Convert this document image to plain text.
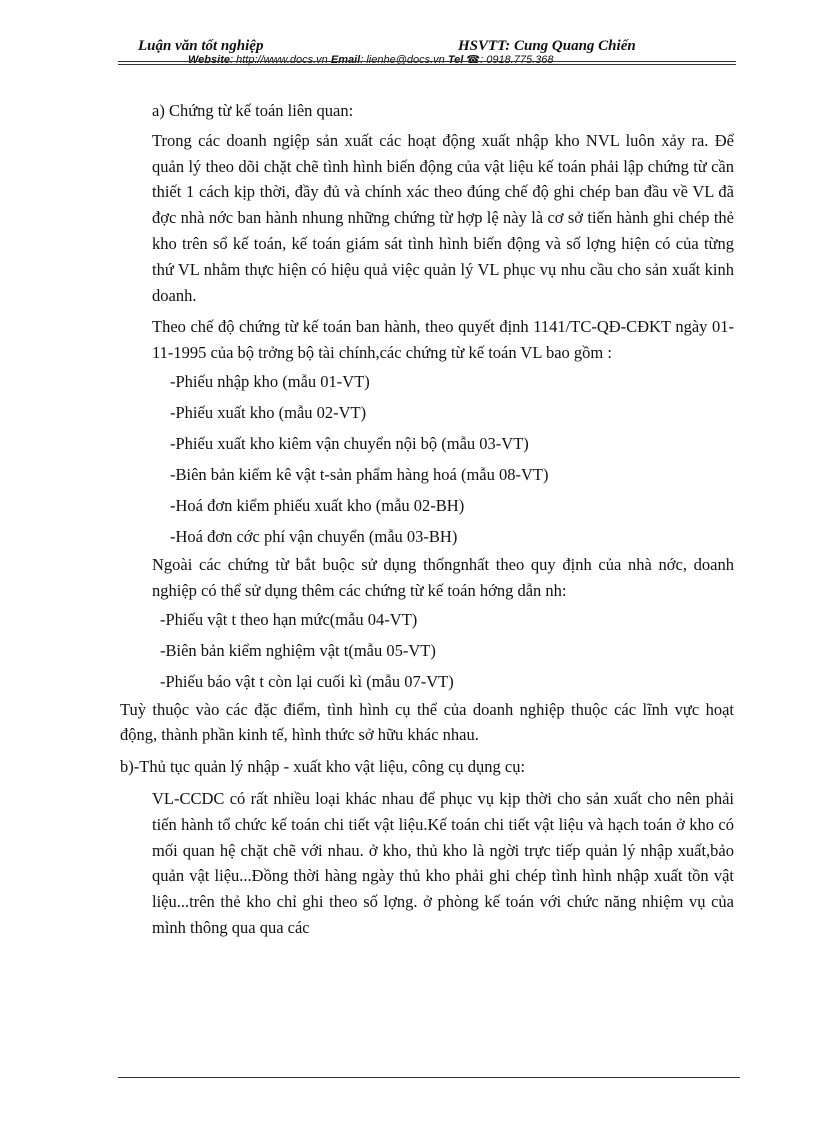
Luận văn tốt nghiệp	HSVTT: Cung Quang Chiến
Website: http://www.docs.vn Email: lienhe@docs.vn Tel ☎: 0918.775.368

a) Chứng từ kế toán liên quan:

Trong các doanh ngiệp sản xuất các hoạt động xuất nhập kho NVL luôn xảy ra. Để quản lý theo dõi chặt chẽ tình hình biến động của vật liệu kế toán phải lập chứng từ cần thiết 1 cách kịp thời, đầy đủ và chính xác theo đúng chế độ ghi chép ban đầu về VL đã đợc nhà nớc ban hành nhung những chứng từ hợp lệ này là cơ sở tiến hành ghi chép thẻ kho trên sổ kế toán, kế toán giám sát tình hình biến động và số lợng hiện có của từng thứ VL nhằm thực hiện có hiệu quả việc quản lý VL phục vụ nhu cầu cho sản xuất kinh doanh.

Theo chế độ chứng từ kế toán ban hành, theo quyết định 1141/TC-QĐ-CĐKT ngày 01-11-1995 của bộ trởng bộ tài chính,các chứng từ kế toán VL bao gồm :

-Phiếu nhập kho (mẫu 01-VT)
-Phiếu xuất kho (mẫu 02-VT)
-Phiếu xuất kho kiêm vận chuyển nội bộ (mẫu 03-VT)
-Biên bản kiểm kê vật t-sản phẩm hàng hoá (mẫu 08-VT)
-Hoá đơn kiểm phiếu xuất kho (mẫu 02-BH)
-Hoá đơn cớc phí vận chuyển (mẫu 03-BH)

Ngoài các chứng từ bắt buộc sử dụng thốngnhất theo quy định của nhà nớc, doanh nghiệp có thể sử dụng thêm các chứng từ kế toán hớng dẫn nh:

-Phiếu vật t theo hạn mức(mẫu 04-VT)
-Biên bản kiểm nghiệm vật t(mẫu 05-VT)
-Phiếu báo vật t còn lại cuối kì (mẫu 07-VT)

Tuỳ thuộc vào các đặc điểm, tình hình cụ thể của doanh nghiệp thuộc các lĩnh vực hoạt động, thành phần kinh tế, hình thức sở hữu khác nhau.

b)-Thủ tục quản lý nhập - xuất kho vật liệu, công cụ dụng cụ:

VL-CCDC có rất nhiều loại khác nhau để phục vụ kịp thời cho sản xuất cho nên phải tiến hành tổ chức kế toán chi tiết vật liệu.Kế toán chi tiết vật liệu và hạch toán ở kho có mối quan hệ chặt chẽ với nhau. ở kho, thủ kho là ngời trực tiếp quản lý nhập xuất,bảo quản vật liệu...Đồng thời hàng ngày thủ kho phải ghi chép tình hình nhập xuất tồn vật liệu...trên thẻ kho chỉ ghi theo số lợng. ở phòng kế toán với chức năng nhiệm vụ của mình thông qua qua các
